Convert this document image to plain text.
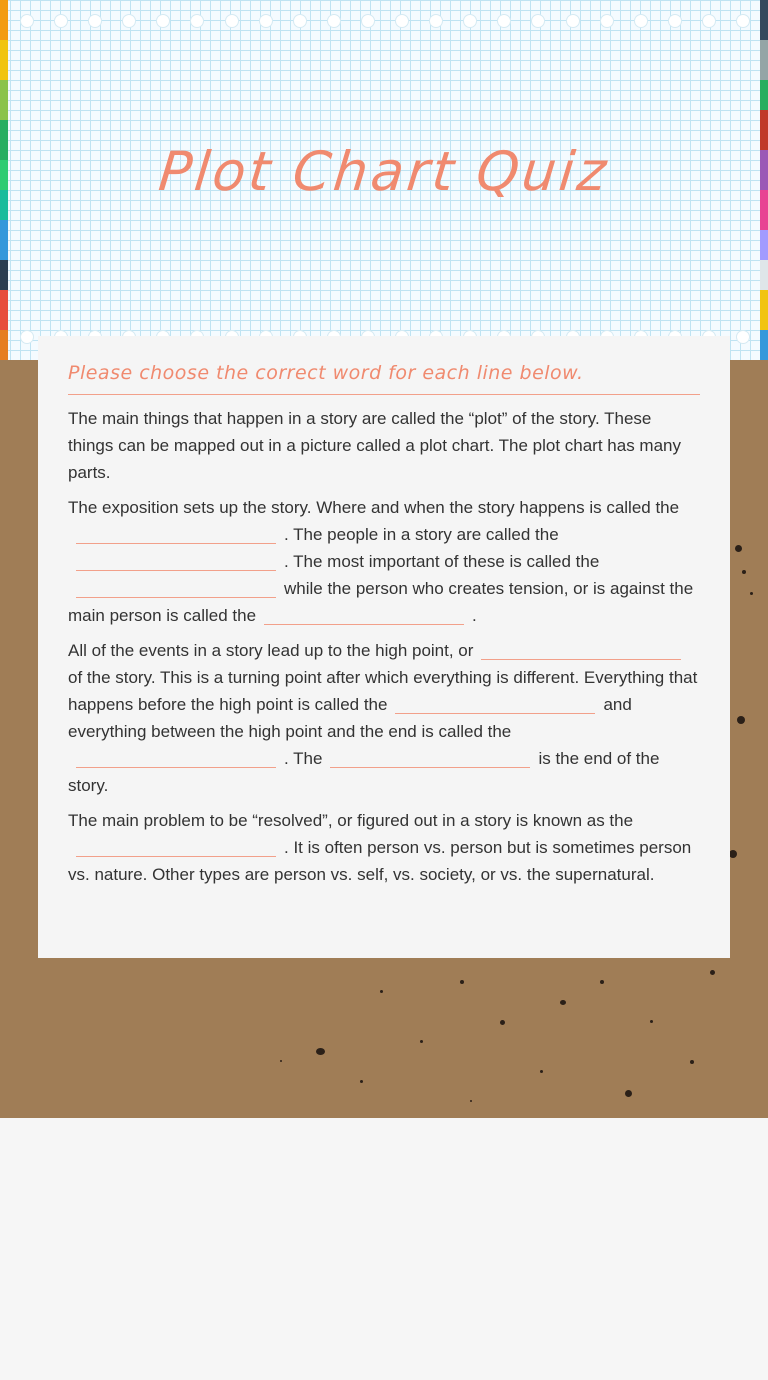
Plot Chart Quiz
Please choose the correct word for each line below.

The main things that happen in a story are called the “plot” of the story. These things can be mapped out in a picture called a plot chart. The plot chart has many parts.

The exposition sets up the story. Where and when the story happens is called the. The people in a story are called the. The most important of these is called thewhile the person who creates tension, or is against the main person is called the	.

All of the events in a story lead up to the high point, orof the story. This is a turning point after which everything is different. Everything that happens before the high point is called the	and everything between the high point and the end is called the. The	is the end of the story.

The main problem to be “resolved”, or figured out in a story is known as the. It is often person vs. person but is sometimes person vs. nature. Other types are person vs. self, vs. society, or vs. the supernatural.
